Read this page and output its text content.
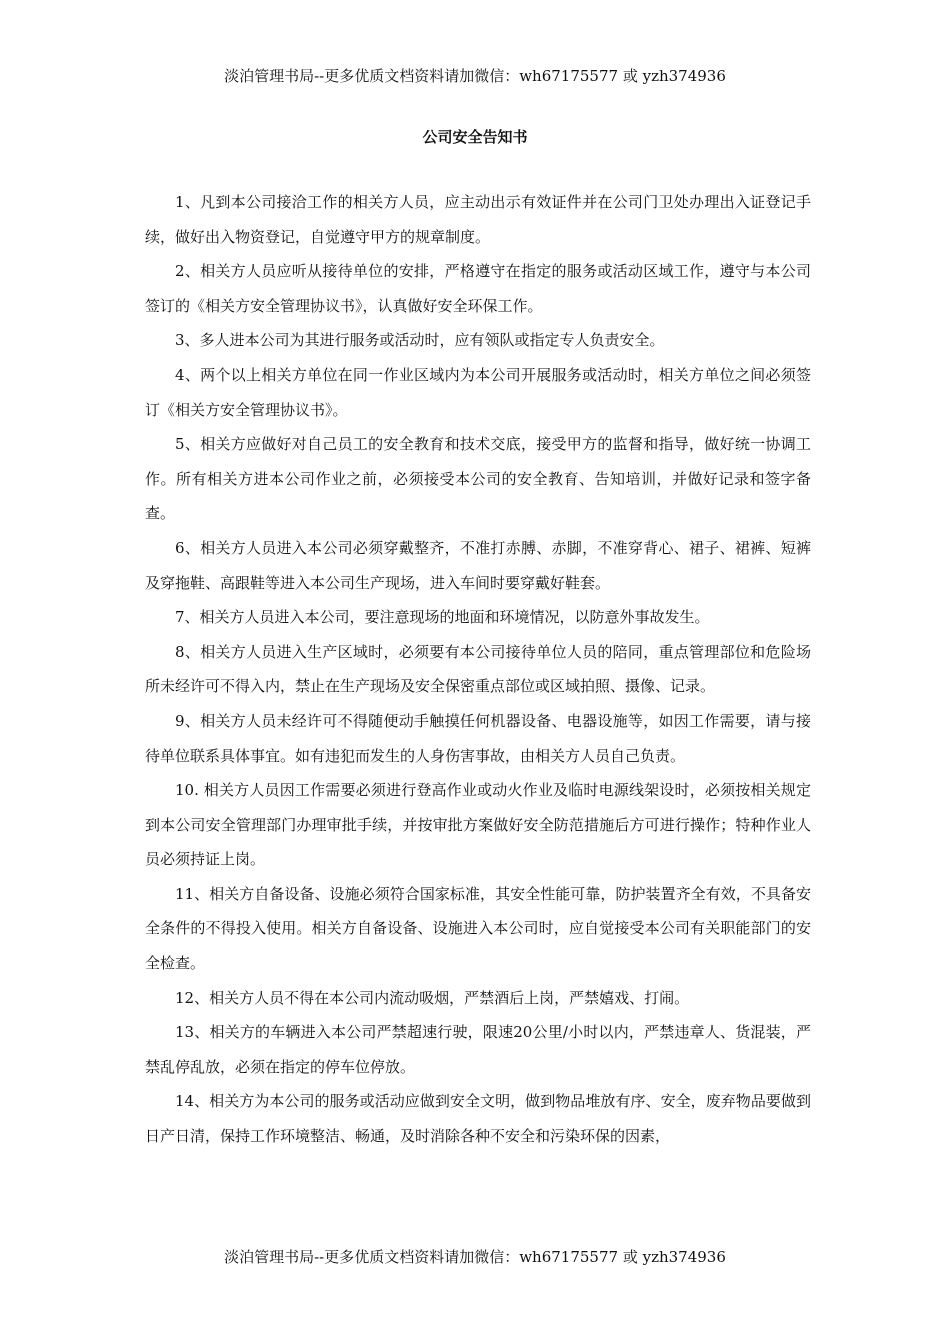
淡泊管理书局--更多优质文档资料请加微信：wh67175577 或 yzh374936
公司安全告知书

1、凡到本公司接洽工作的相关方人员，应主动出示有效证件并在公司门卫处办理出入证登记手续，做好出入物资登记，自觉遵守甲方的规章制度。

2、相关方人员应听从接待单位的安排，严格遵守在指定的服务或活动区域工作，遵守与本公司签订的《相关方安全管理协议书》，认真做好安全环保工作。

3、多人进本公司为其进行服务或活动时，应有领队或指定专人负责安全。

4、两个以上相关方单位在同一作业区域内为本公司开展服务或活动时，相关方单位之间必须签订《相关方安全管理协议书》。

5、相关方应做好对自己员工的安全教育和技术交底，接受甲方的监督和指导，做好统一协调工作。所有相关方进本公司作业之前，必须接受本公司的安全教育、告知培训，并做好记录和签字备查。

6、相关方人员进入本公司必须穿戴整齐，不准打赤膊、赤脚，不准穿背心、裙子、裙裤、短裤及穿拖鞋、高跟鞋等进入本公司生产现场，进入车间时要穿戴好鞋套。

7、相关方人员进入本公司，要注意现场的地面和环境情况，以防意外事故发生。

8、相关方人员进入生产区域时，必须要有本公司接待单位人员的陪同，重点管理部位和危险场所未经许可不得入内，禁止在生产现场及安全保密重点部位或区域拍照、摄像、记录。

9、相关方人员未经许可不得随便动手触摸任何机器设备、电器设施等，如因工作需要，请与接待单位联系具体事宜。如有违犯而发生的人身伤害事故，由相关方人员自己负责。

10. 相关方人员因工作需要必须进行登高作业或动火作业及临时电源线架设时，必须按相关规定到本公司安全管理部门办理审批手续，并按审批方案做好安全防范措施后方可进行操作；特种作业人员必须持证上岗。

11、相关方自备设备、设施必须符合国家标准，其安全性能可靠，防护装置齐全有效，不具备安全条件的不得投入使用。相关方自备设备、设施进入本公司时，应自觉接受本公司有关职能部门的安全检查。

12、相关方人员不得在本公司内流动吸烟，严禁酒后上岗，严禁嬉戏、打闹。

13、相关方的车辆进入本公司严禁超速行驶，限速20公里/小时以内，严禁违章人、货混装，严禁乱停乱放，必须在指定的停车位停放。

14、相关方为本公司的服务或活动应做到安全文明，做到物品堆放有序、安全，废弃物品要做到日产日清，保持工作环境整洁、畅通，及时消除各种不安全和污染环保的因素，

淡泊管理书局--更多优质文档资料请加微信：wh67175577 或 yzh374936
